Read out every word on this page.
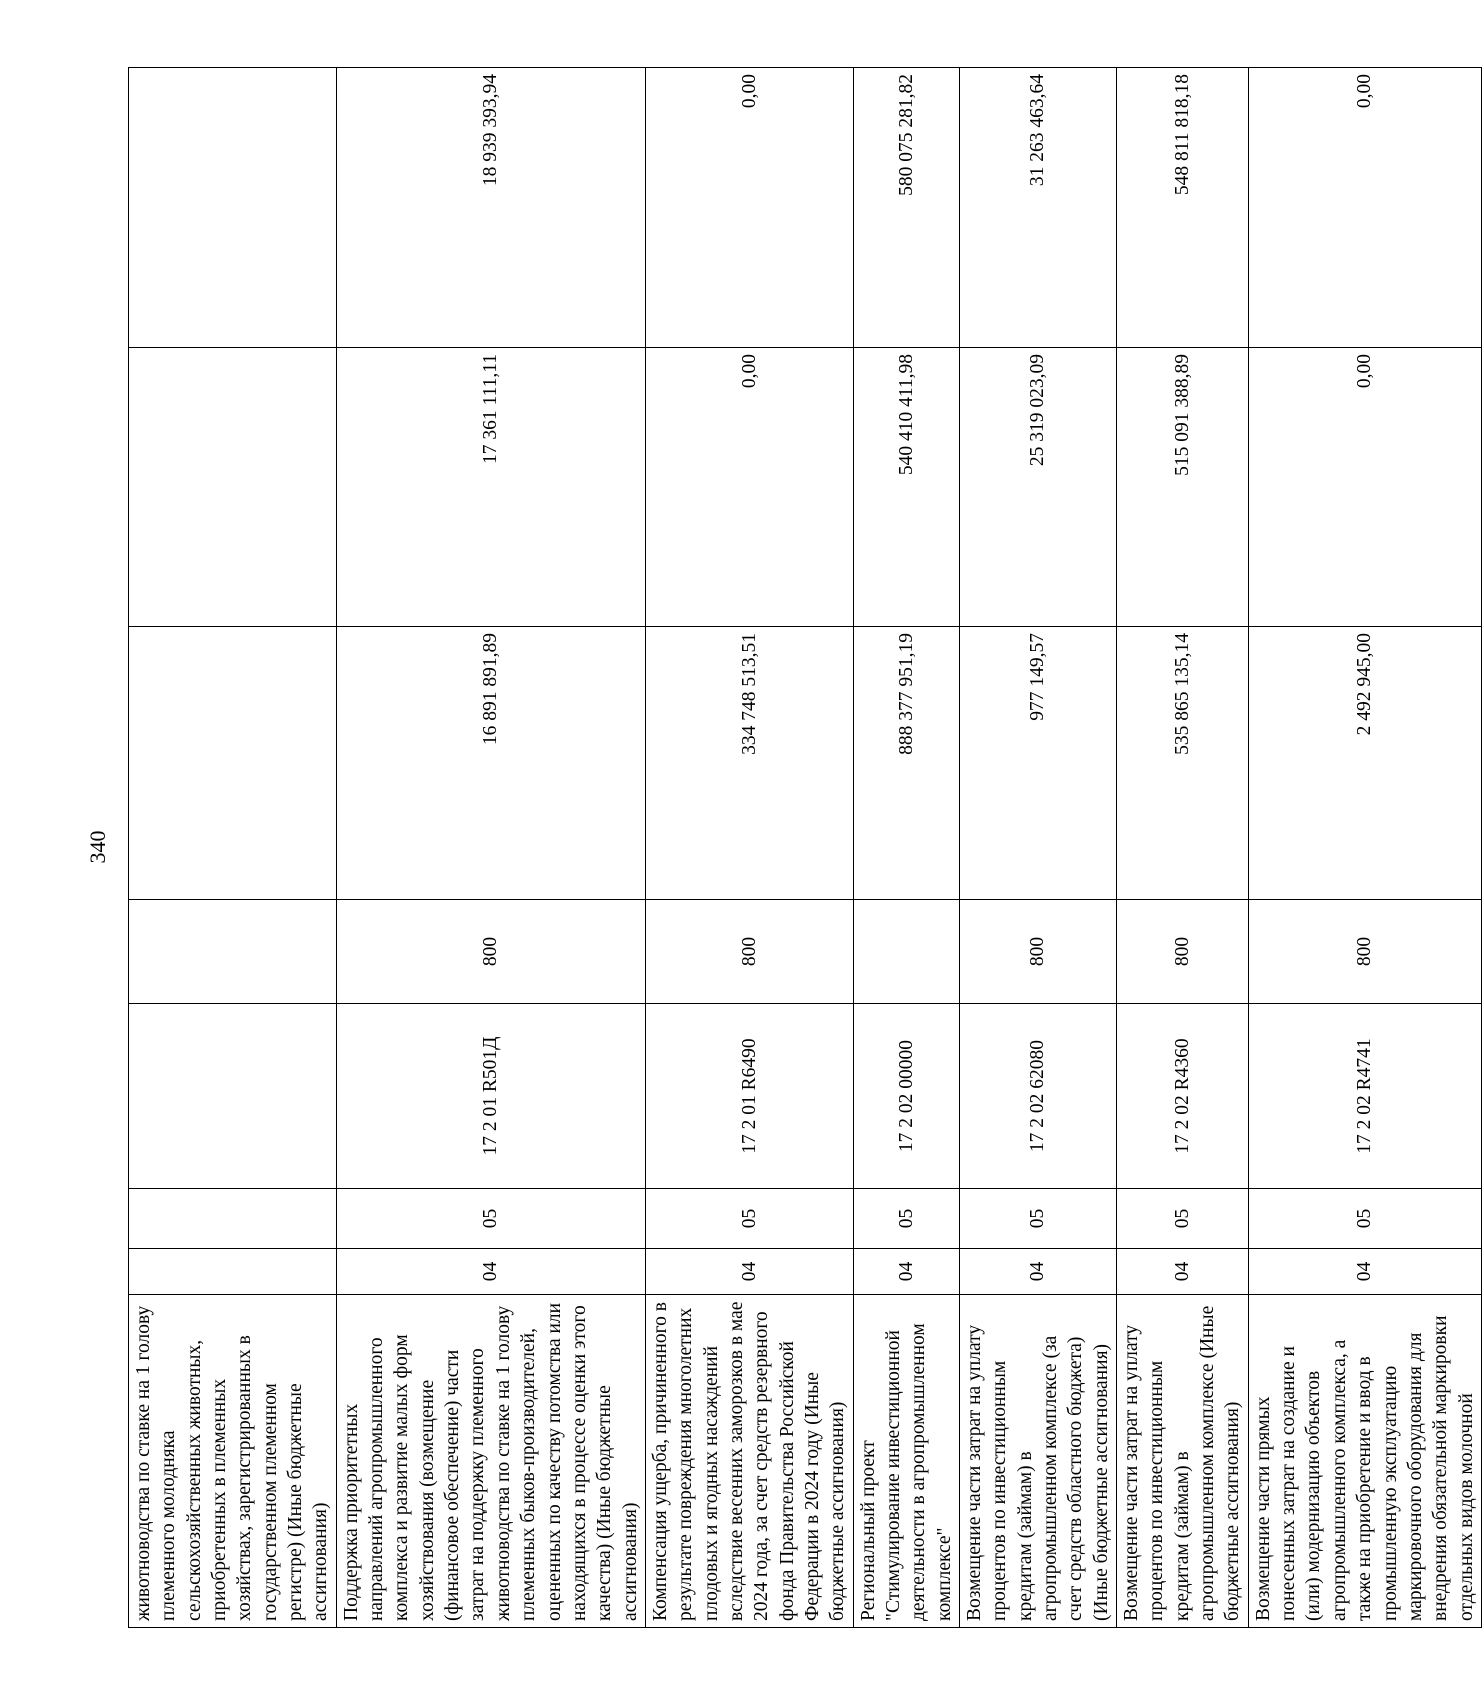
340
животноводства по ставке на 1 голову племенного молодняка сельскохозяйственных животных, приобретенных в племенных хозяйствах, зарегистрированных в государственном племенном регистре) (Иные бюджетные ассигнования)							
Поддержка приоритетных направлений агропромышленного комплекса и развитие малых форм хозяйствования (возмещение (финансовое обеспечение) части затрат на поддержку племенного животноводства по ставке на 1 голову племенных быков-производителей, оцененных по качеству потомства или находящихся в процессе оценки этого качества) (Иные бюджетные ассигнования)	04	05	17 2 01 R501Д	800	16 891 891,89	17 361 111,11	18 939 393,94
Компенсация ущерба, причиненного в результате повреждения многолетних плодовых и ягодных насаждений вследствие весенних заморозков в мае 2024 года, за счет средств резервного фонда Правительства Российской Федерации в 2024 году (Иные бюджетные ассигнования)	04	05	17 2 01 R6490	800	334 748 513,51	0,00	0,00
Региональный проект "Стимулирование инвестиционной деятельности в агропромышленном комплексе"	04	05	17 2 02 00000		888 377 951,19	540 410 411,98	580 075 281,82
Возмещение части затрат на уплату процентов по инвестиционным кредитам (займам) в агропромышленном комплексе (за счет средств областного бюджета) (Иные бюджетные ассигнования)	04	05	17 2 02 62080	800	977 149,57	25 319 023,09	31 263 463,64
Возмещение части затрат на уплату процентов по инвестиционным кредитам (займам) в агропромышленном комплексе (Иные бюджетные ассигнования)	04	05	17 2 02 R4360	800	535 865 135,14	515 091 388,89	548 811 818,18
Возмещение части прямых понесенных затрат на создание и (или) модернизацию объектов агропромышленного комплекса, а также на приобретение и ввод в промышленную эксплуатацию маркировочного оборудования для внедрения обязательной маркировки отдельных видов молочной	04	05	17 2 02 R4741	800	2 492 945,00	0,00	0,00
